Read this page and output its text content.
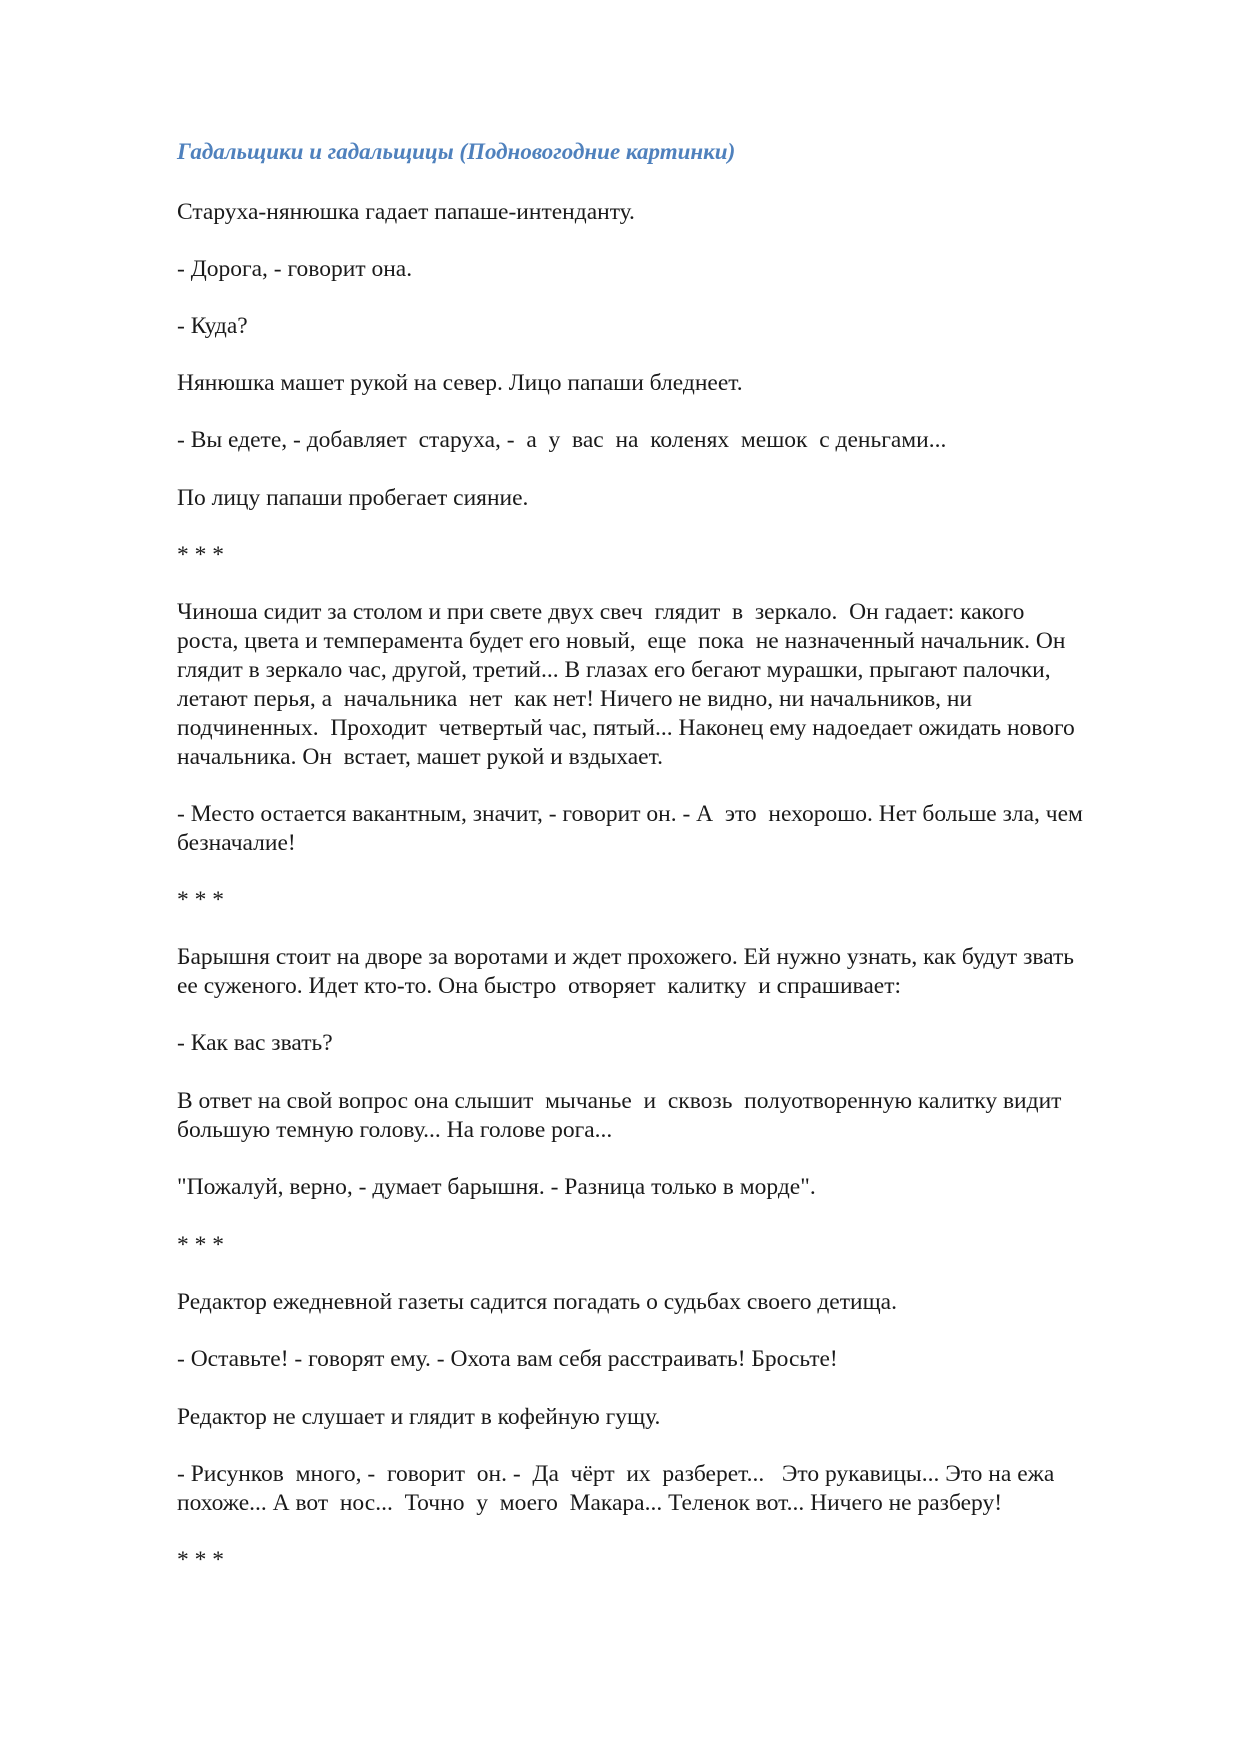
Гадальщики и гадальщицы (Подновогодние картинки)

Старуха-нянюшка гадает папаше-интенданту.

- Дорога, - говорит она.

- Куда?

Нянюшка машет рукой на север. Лицо папаши бледнеет.

- Вы едете, - добавляет  старуха, -  а  у  вас  на  коленях  мешок  с деньгами...

По лицу папаши пробегает сияние.

* * *

Чиноша сидит за столом и при свете двух свеч  глядит  в  зеркало.  Он гадает: какого
роста, цвета и темперамента будет его новый,  еще  пока  не назначенный начальник. Он
глядит в зеркало час, другой, третий... В глазах его бегают мурашки, прыгают палочки,
летают перья, а  начальника  нет  как нет! Ничего не видно, ни начальников, ни
подчиненных.  Проходит  четвертый час, пятый... Наконец ему надоедает ожидать нового
начальника. Он  встает, машет рукой и вздыхает.

- Место остается вакантным, значит, - говорит он. - А  это  нехорошо. Нет больше зла, чем
безначалие!

* * *

Барышня стоит на дворе за воротами и ждет прохожего. Ей нужно узнать, как будут звать
ее суженого. Идет кто-то. Она быстро  отворяет  калитку  и спрашивает:

- Как вас звать?

В ответ на свой вопрос она слышит  мычанье  и  сквозь  полуотворенную калитку видит
большую темную голову... На голове рога...

"Пожалуй, верно, - думает барышня. - Разница только в морде".

* * *

Редактор ежедневной газеты садится погадать о судьбах своего детища.

- Оставьте! - говорят ему. - Охота вам себя расстраивать! Бросьте!

Редактор не слушает и глядит в кофейную гущу.

- Рисунков  много, -  говорит  он. -  Да  чёрт  их  разберет...   Это рукавицы... Это на ежа
похоже... А вот  нос...  Точно  у  моего  Макара... Теленок вот... Ничего не разберу!

* * *
